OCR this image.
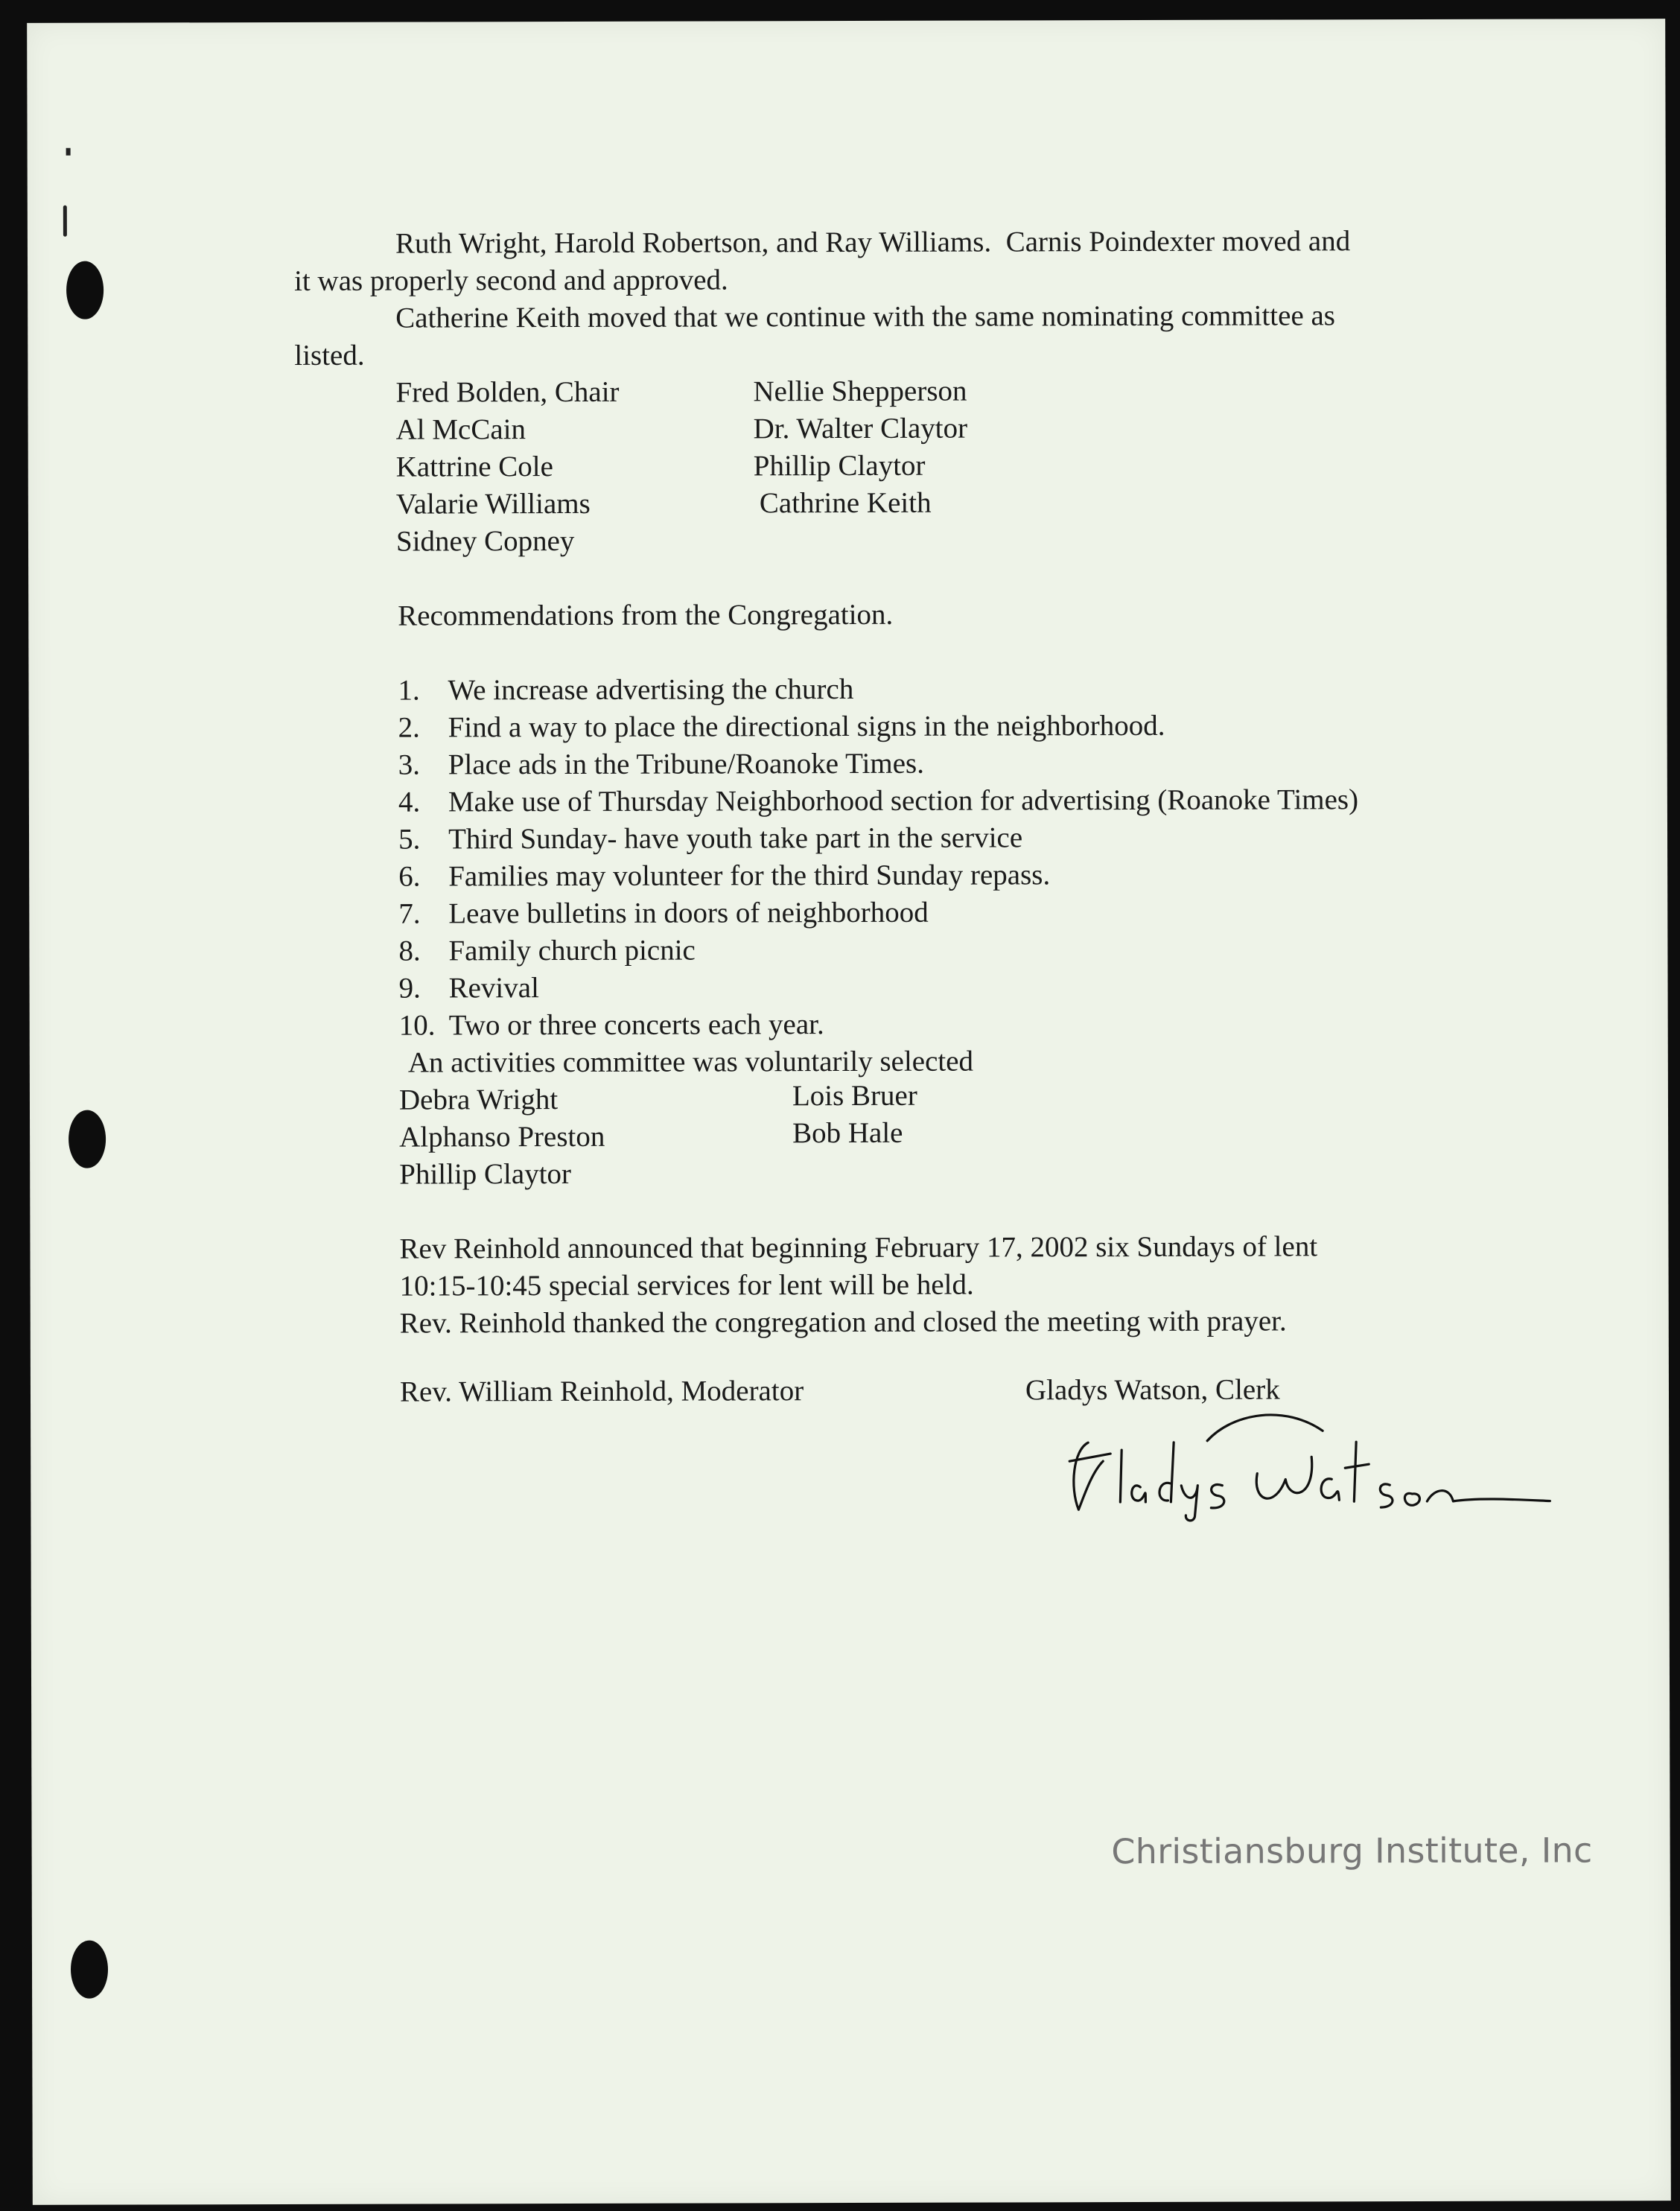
Ruth Wright, Harold Robertson, and Ray Williams.  Carnis Poindexter moved and
it was properly second and approved.
Catherine Keith moved that we continue with the same nominating committee as
listed.
Fred Bolden, Chair
Al McCain
Kattrine Cole
Valarie Williams
Sidney Copney
Nellie Shepperson
Dr. Walter Claytor
Phillip Claytor
Cathrine Keith
Recommendations from the Congregation.
1. We increase advertising the church
2. Find a way to place the directional signs in the neighborhood.
3. Place ads in the Tribune/Roanoke Times.
4. Make use of Thursday Neighborhood section for advertising (Roanoke Times)
5. Third Sunday- have youth take part in the service
6. Families may volunteer for the third Sunday repass.
7. Leave bulletins in doors of neighborhood
8. Family church picnic
9. Revival
10. Two or three concerts each year.
An activities committee was voluntarily selected
Debra Wright
Alphanso Preston
Phillip Claytor
Lois Bruer
Bob Hale
Rev Reinhold announced that beginning February 17, 2002 six Sundays of lent
10:15-10:45 special services for lent will be held.
Rev. Reinhold thanked the congregation and closed the meeting with prayer.
Rev. William Reinhold, Moderator	Gladys Watson, Clerk
Christiansburg Institute, Inc
